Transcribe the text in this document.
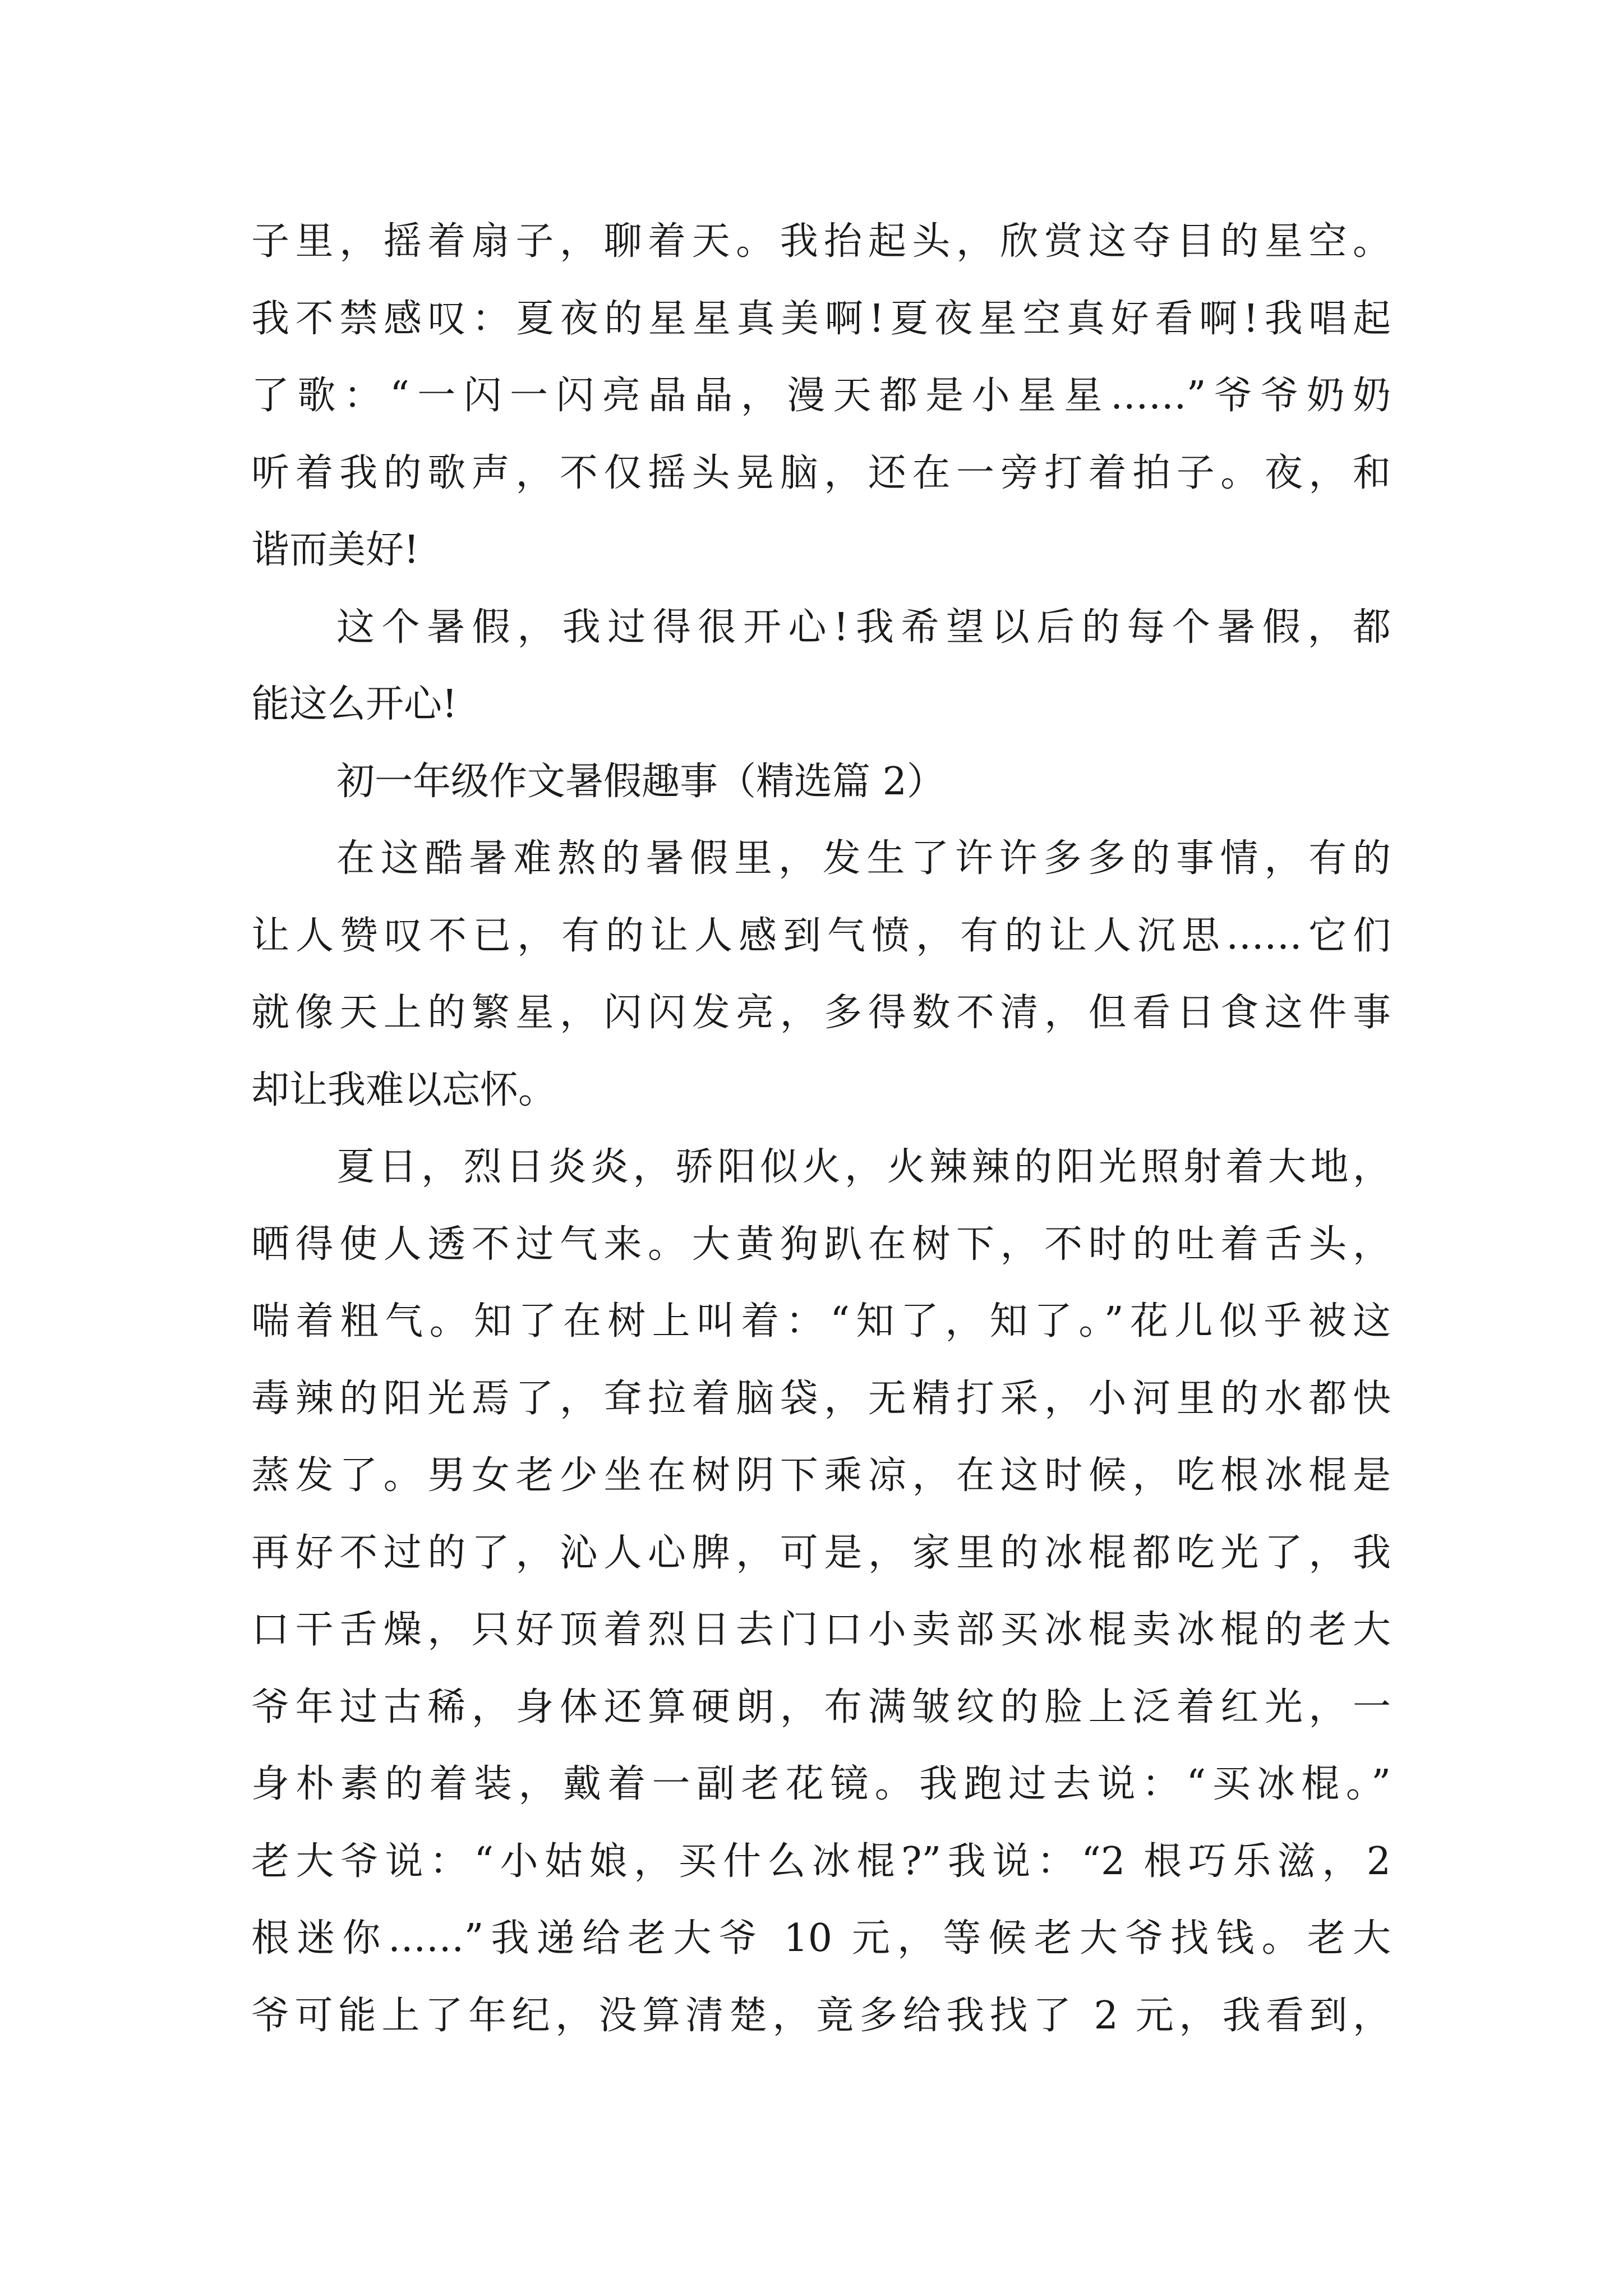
子里，摇着扇子，聊着天。我抬起头，欣赏这夺目的星空。
我不禁感叹：夏夜的星星真美啊!夏夜星空真好看啊!我唱起
了歌：“一闪一闪亮晶晶，漫天都是小星星……”爷爷奶奶
听着我的歌声，不仅摇头晃脑，还在一旁打着拍子。夜，和
谐而美好!
这个暑假，我过得很开心!我希望以后的每个暑假，都
能这么开心!
初一年级作文暑假趣事（精选篇 2）
在这酷暑难熬的暑假里，发生了许许多多的事情，有的
让人赞叹不已，有的让人感到气愤，有的让人沉思……它们
就像天上的繁星，闪闪发亮，多得数不清，但看日食这件事
却让我难以忘怀。
夏日，烈日炎炎，骄阳似火，火辣辣的阳光照射着大地，
晒得使人透不过气来。大黄狗趴在树下，不时的吐着舌头，
喘着粗气。知了在树上叫着：“知了，知了。”花儿似乎被这
毒辣的阳光焉了，耷拉着脑袋，无精打采，小河里的水都快
蒸发了。男女老少坐在树阴下乘凉，在这时候，吃根冰棍是
再好不过的了，沁人心脾，可是，家里的冰棍都吃光了，我
口干舌燥，只好顶着烈日去门口小卖部买冰棍卖冰棍的老大
爷年过古稀，身体还算硬朗，布满皱纹的脸上泛着红光，一
身朴素的着装，戴着一副老花镜。我跑过去说：“买冰棍。”
老大爷说：“小姑娘，买什么冰棍?”我说：“2 根巧乐滋，2
根迷你……”我递给老大爷 10 元，等候老大爷找钱。老大
爷可能上了年纪，没算清楚，竟多给我找了 2 元，我看到，
